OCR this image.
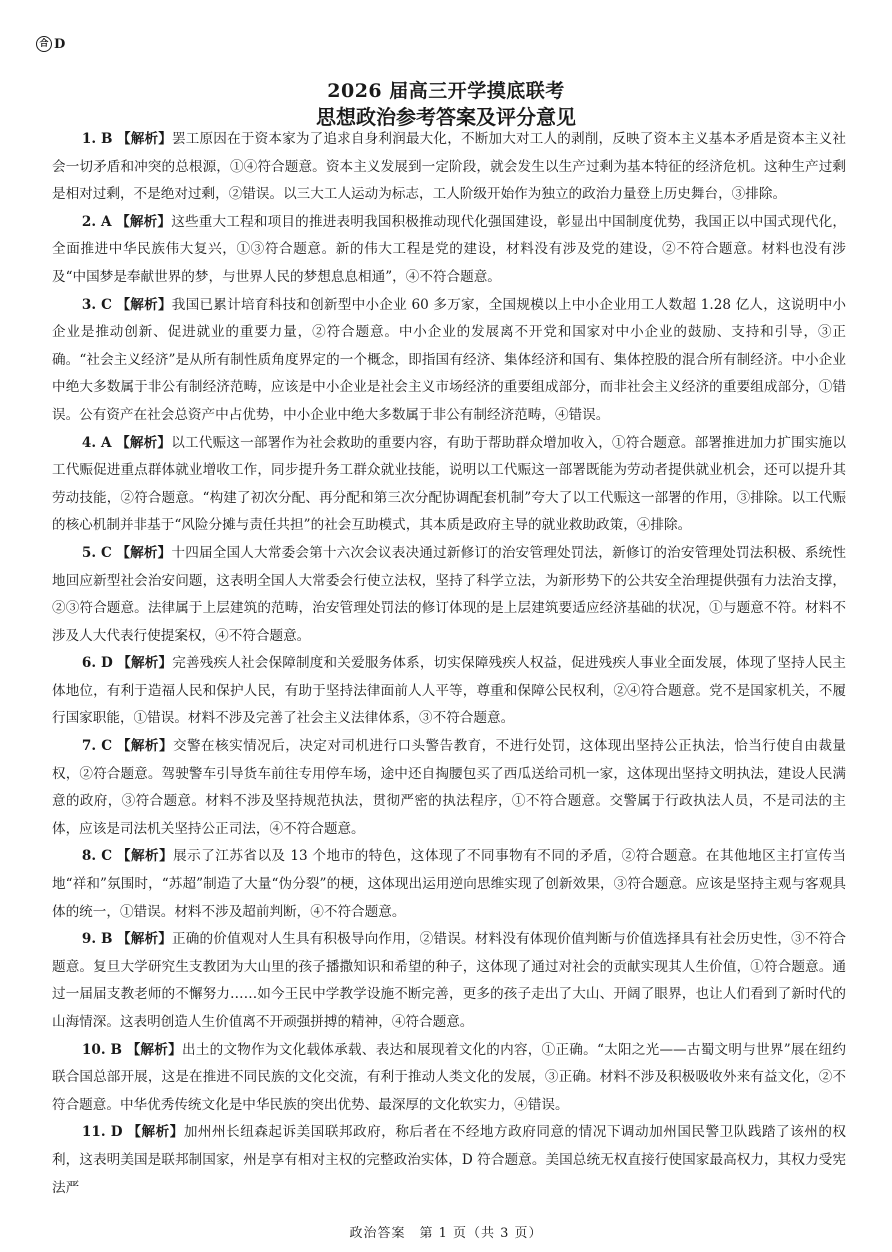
合 D
2026 届高三开学摸底联考
思想政治参考答案及评分意见

1. B 【解析】罢工原因在于资本家为了追求自身利润最大化，不断加大对工人的剥削，反映了资本主义基本矛盾是资本主义社会一切矛盾和冲突的总根源，①④符合题意。资本主义发展到一定阶段，就会发生以生产过剩为基本特征的经济危机。这种生产过剩是相对过剩，不是绝对过剩，②错误。以三大工人运动为标志，工人阶级开始作为独立的政治力量登上历史舞台，③排除。

2. A 【解析】这些重大工程和项目的推进表明我国积极推动现代化强国建设，彰显出中国制度优势，我国正以中国式现代化，全面推进中华民族伟大复兴，①③符合题意。新的伟大工程是党的建设，材料没有涉及党的建设，②不符合题意。材料也没有涉及“中国梦是奉献世界的梦，与世界人民的梦想息息相通”，④不符合题意。

3. C 【解析】我国已累计培育科技和创新型中小企业 60 多万家，全国规模以上中小企业用工人数超 1.28 亿人，这说明中小企业是推动创新、促进就业的重要力量，②符合题意。中小企业的发展离不开党和国家对中小企业的鼓励、支持和引导，③正确。“社会主义经济”是从所有制性质角度界定的一个概念，即指国有经济、集体经济和国有、集体控股的混合所有制经济。中小企业中绝大多数属于非公有制经济范畴，应该是中小企业是社会主义市场经济的重要组成部分，而非社会主义经济的重要组成部分，①错误。公有资产在社会总资产中占优势，中小企业中绝大多数属于非公有制经济范畴，④错误。

4. A 【解析】以工代赈这一部署作为社会救助的重要内容，有助于帮助群众增加收入，①符合题意。部署推进加力扩围实施以工代赈促进重点群体就业增收工作，同步提升务工群众就业技能，说明以工代赈这一部署既能为劳动者提供就业机会，还可以提升其劳动技能，②符合题意。“构建了初次分配、再分配和第三次分配协调配套机制”夸大了以工代赈这一部署的作用，③排除。以工代赈的核心机制并非基于“风险分摊与责任共担”的社会互助模式，其本质是政府主导的就业救助政策，④排除。

5. C 【解析】十四届全国人大常委会第十六次会议表决通过新修订的治安管理处罚法，新修订的治安管理处罚法积极、系统性地回应新型社会治安问题，这表明全国人大常委会行使立法权，坚持了科学立法，为新形势下的公共安全治理提供强有力法治支撑，②③符合题意。法律属于上层建筑的范畴，治安管理处罚法的修订体现的是上层建筑要适应经济基础的状况，①与题意不符。材料不涉及人大代表行使提案权，④不符合题意。

6. D 【解析】完善残疾人社会保障制度和关爱服务体系，切实保障残疾人权益，促进残疾人事业全面发展，体现了坚持人民主体地位，有利于造福人民和保护人民，有助于坚持法律面前人人平等，尊重和保障公民权利，②④符合题意。党不是国家机关，不履行国家职能，①错误。材料不涉及完善了社会主义法律体系，③不符合题意。

7. C 【解析】交警在核实情况后，决定对司机进行口头警告教育，不进行处罚，这体现出坚持公正执法，恰当行使自由裁量权，②符合题意。驾驶警车引导货车前往专用停车场，途中还自掏腰包买了西瓜送给司机一家，这体现出坚持文明执法，建设人民满意的政府，③符合题意。材料不涉及坚持规范执法，贯彻严密的执法程序，①不符合题意。交警属于行政执法人员，不是司法的主体，应该是司法机关坚持公正司法，④不符合题意。

8. C 【解析】展示了江苏省以及 13 个地市的特色，这体现了不同事物有不同的矛盾，②符合题意。在其他地区主打宣传当地“祥和”氛围时，“苏超”制造了大量“伪分裂”的梗，这体现出运用逆向思维实现了创新效果，③符合题意。应该是坚持主观与客观具体的统一，①错误。材料不涉及超前判断，④不符合题意。

9. B 【解析】正确的价值观对人生具有积极导向作用，②错误。材料没有体现价值判断与价值选择具有社会历史性，③不符合题意。复旦大学研究生支教团为大山里的孩子播撒知识和希望的种子，这体现了通过对社会的贡献实现其人生价值，①符合题意。通过一届届支教老师的不懈努力……如今王民中学教学设施不断完善，更多的孩子走出了大山、开阔了眼界，也让人们看到了新时代的山海情深。这表明创造人生价值离不开顽强拼搏的精神，④符合题意。

10. B 【解析】出土的文物作为文化载体承载、表达和展现着文化的内容，①正确。“太阳之光——古蜀文明与世界”展在纽约联合国总部开展，这是在推进不同民族的文化交流，有利于推动人类文化的发展，③正确。材料不涉及积极吸收外来有益文化，②不符合题意。中华优秀传统文化是中华民族的突出优势、最深厚的文化软实力，④错误。

11. D 【解析】加州州长纽森起诉美国联邦政府，称后者在不经地方政府同意的情况下调动加州国民警卫队践踏了该州的权利，这表明美国是联邦制国家，州是享有相对主权的完整政治实体，D 符合题意。美国总统无权直接行使国家最高权力，其权力受宪法严

政治答案　第 1 页（共 3 页）
